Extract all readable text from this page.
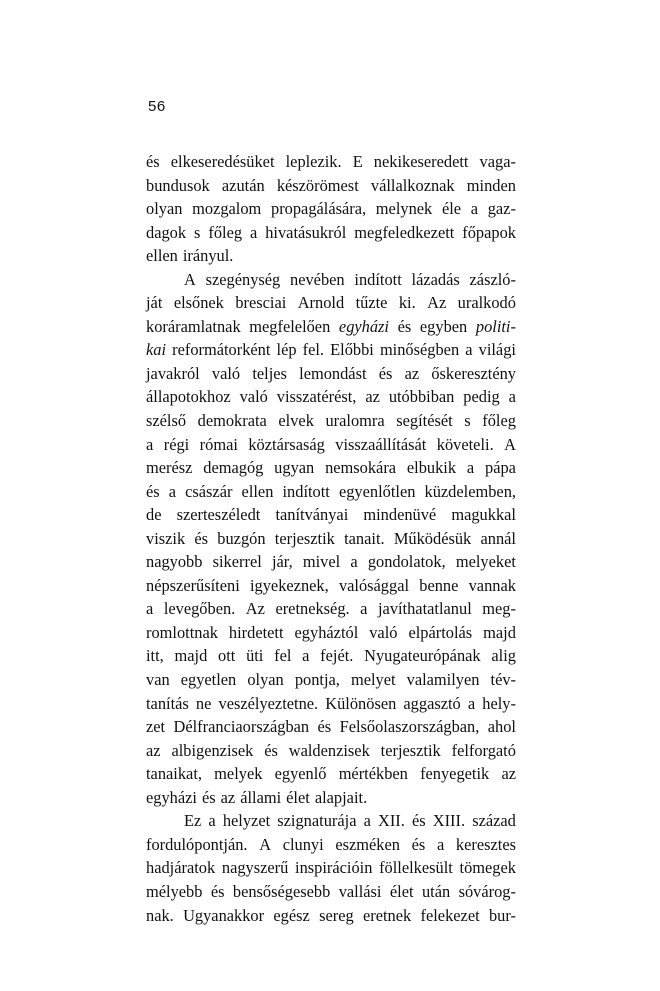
56
és elkeseredésüket leplezik. E nekikeseredett vaga-
bundusok azután készörömest vállalkoznak minden
olyan mozgalom propagálására, melynek éle a gaz-
dagok s főleg a hivatásukról megfeledkezett főpapok
ellen irányul.
A szegénység nevében indított lázadás zászló-
ját elsőnek bresciai Arnold tűzte ki. Az uralkodó
koráramlatnak megfelelően egyházi és egyben politi-
kai reformátorként lép fel. Előbbi minőségben a világi
javakról való teljes lemondást és az őskeresztény
állapotokhoz való visszatérést, az utóbbiban pedig a
szélső demokrata elvek uralomra segítését s főleg
a régi római köztársaság visszaállítását követeli. A
merész demagóg ugyan nemsokára elbukik a pápa
és a császár ellen indított egyenlőtlen küzdelemben,
de szerteszéledt tanítványai mindenüvé magukkal
viszik és buzgón terjesztik tanait. Működésük annál
nagyobb sikerrel jár, mivel a gondolatok, melyeket
népszerűsíteni igyekeznek, valósággal benne vannak
a levegőben. Az eretnekség. a javíthatatlanul meg-
romlottnak hirdetett egyháztól való elpártolás majd
itt, majd ott üti fel a fejét. Nyugateurópának alig
van egyetlen olyan pontja, melyet valamilyen tév-
tanítás ne veszélyeztetne. Különösen aggasztó a hely-
zet Délfranciaországban és Felsőolaszországban, ahol
az albigenzisek és waldenzisek terjesztik felforgató
tanaikat, melyek egyenlő mértékben fenyegetik az
egyházi és az állami élet alapjait.
Ez a helyzet szignaturája a XII. és XIII. század
fordulópontján. A clunyi eszméken és a keresztes
hadjáratok nagyszerű inspirációin föllelkesült tömegek
mélyebb és bensőségesebb vallási élet után sóvárog-
nak. Ugyanakkor egész sereg eretnek felekezet bur-
